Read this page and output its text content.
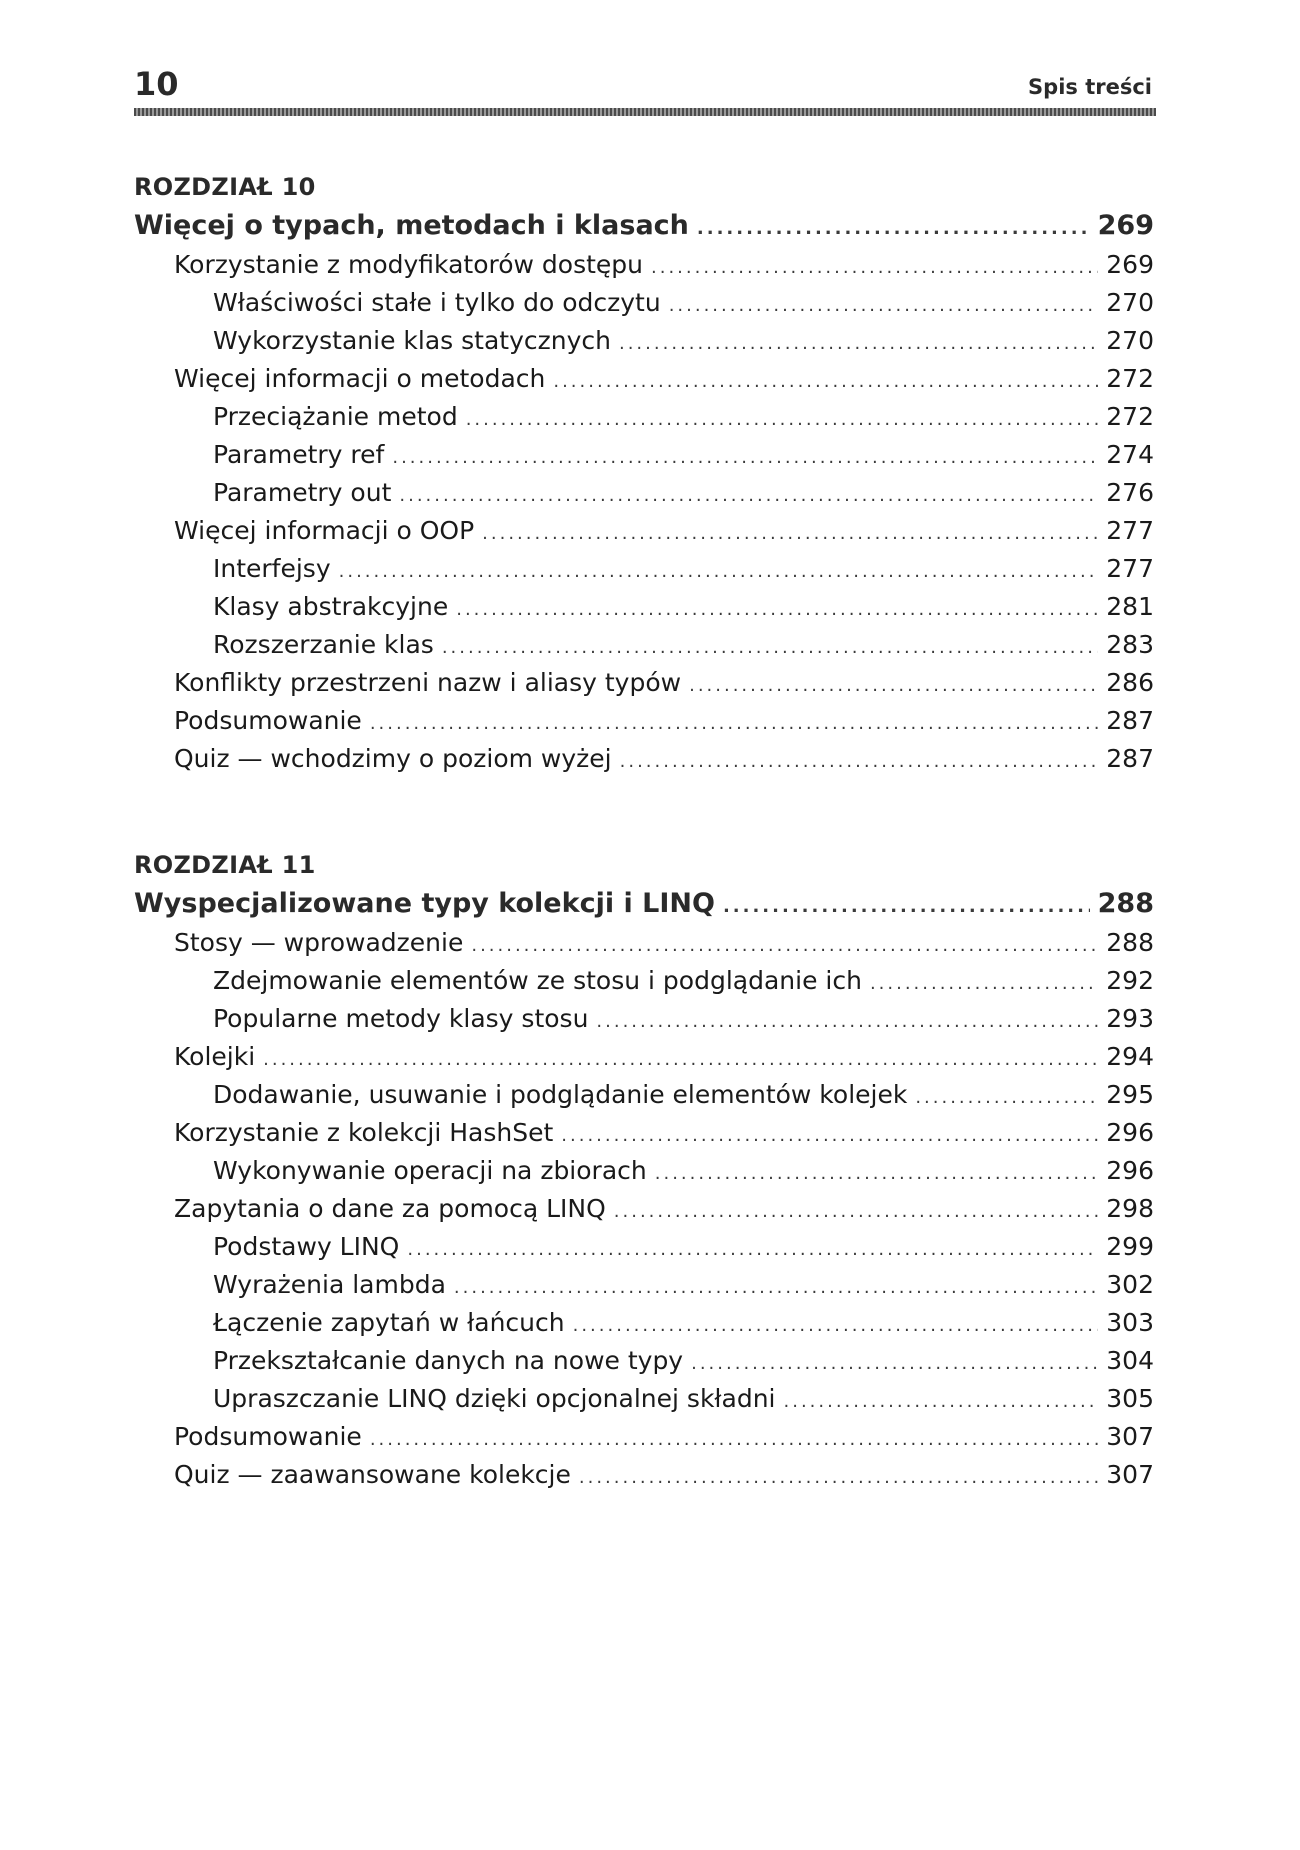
10	Spis treści
ROZDZIAŁ 10
Więcej o typach, metodach i klasach .....	269
Korzystanie z modyfikatorów dostępu .....	269
Właściwości stałe i tylko do odczytu .....	270
Wykorzystanie klas statycznych .....	270
Więcej informacji o metodach .....	272
Przeciążanie metod .....	272
Parametry ref .....	274
Parametry out .....	276
Więcej informacji o OOP .....	277
Interfejsy .....	277
Klasy abstrakcyjne .....	281
Rozszerzanie klas .....	283
Konflikty przestrzeni nazw i aliasy typów .....	286
Podsumowanie .....	287
Quiz — wchodzimy o poziom wyżej .....	287
ROZDZIAŁ 11
Wyspecjalizowane typy kolekcji i LINQ .....	288
Stosy — wprowadzenie .....	288
Zdejmowanie elementów ze stosu i podglądanie ich .....	292
Popularne metody klasy stosu .....	293
Kolejki .....	294
Dodawanie, usuwanie i podglądanie elementów kolejek .....	295
Korzystanie z kolekcji HashSet .....	296
Wykonywanie operacji na zbiorach .....	296
Zapytania o dane za pomocą LINQ .....	298
Podstawy LINQ .....	299
Wyrażenia lambda .....	302
Łączenie zapytań w łańcuch .....	303
Przekształcanie danych na nowe typy .....	304
Upraszczanie LINQ dzięki opcjonalnej składni .....	305
Podsumowanie .....	307
Quiz — zaawansowane kolekcje .....	307
